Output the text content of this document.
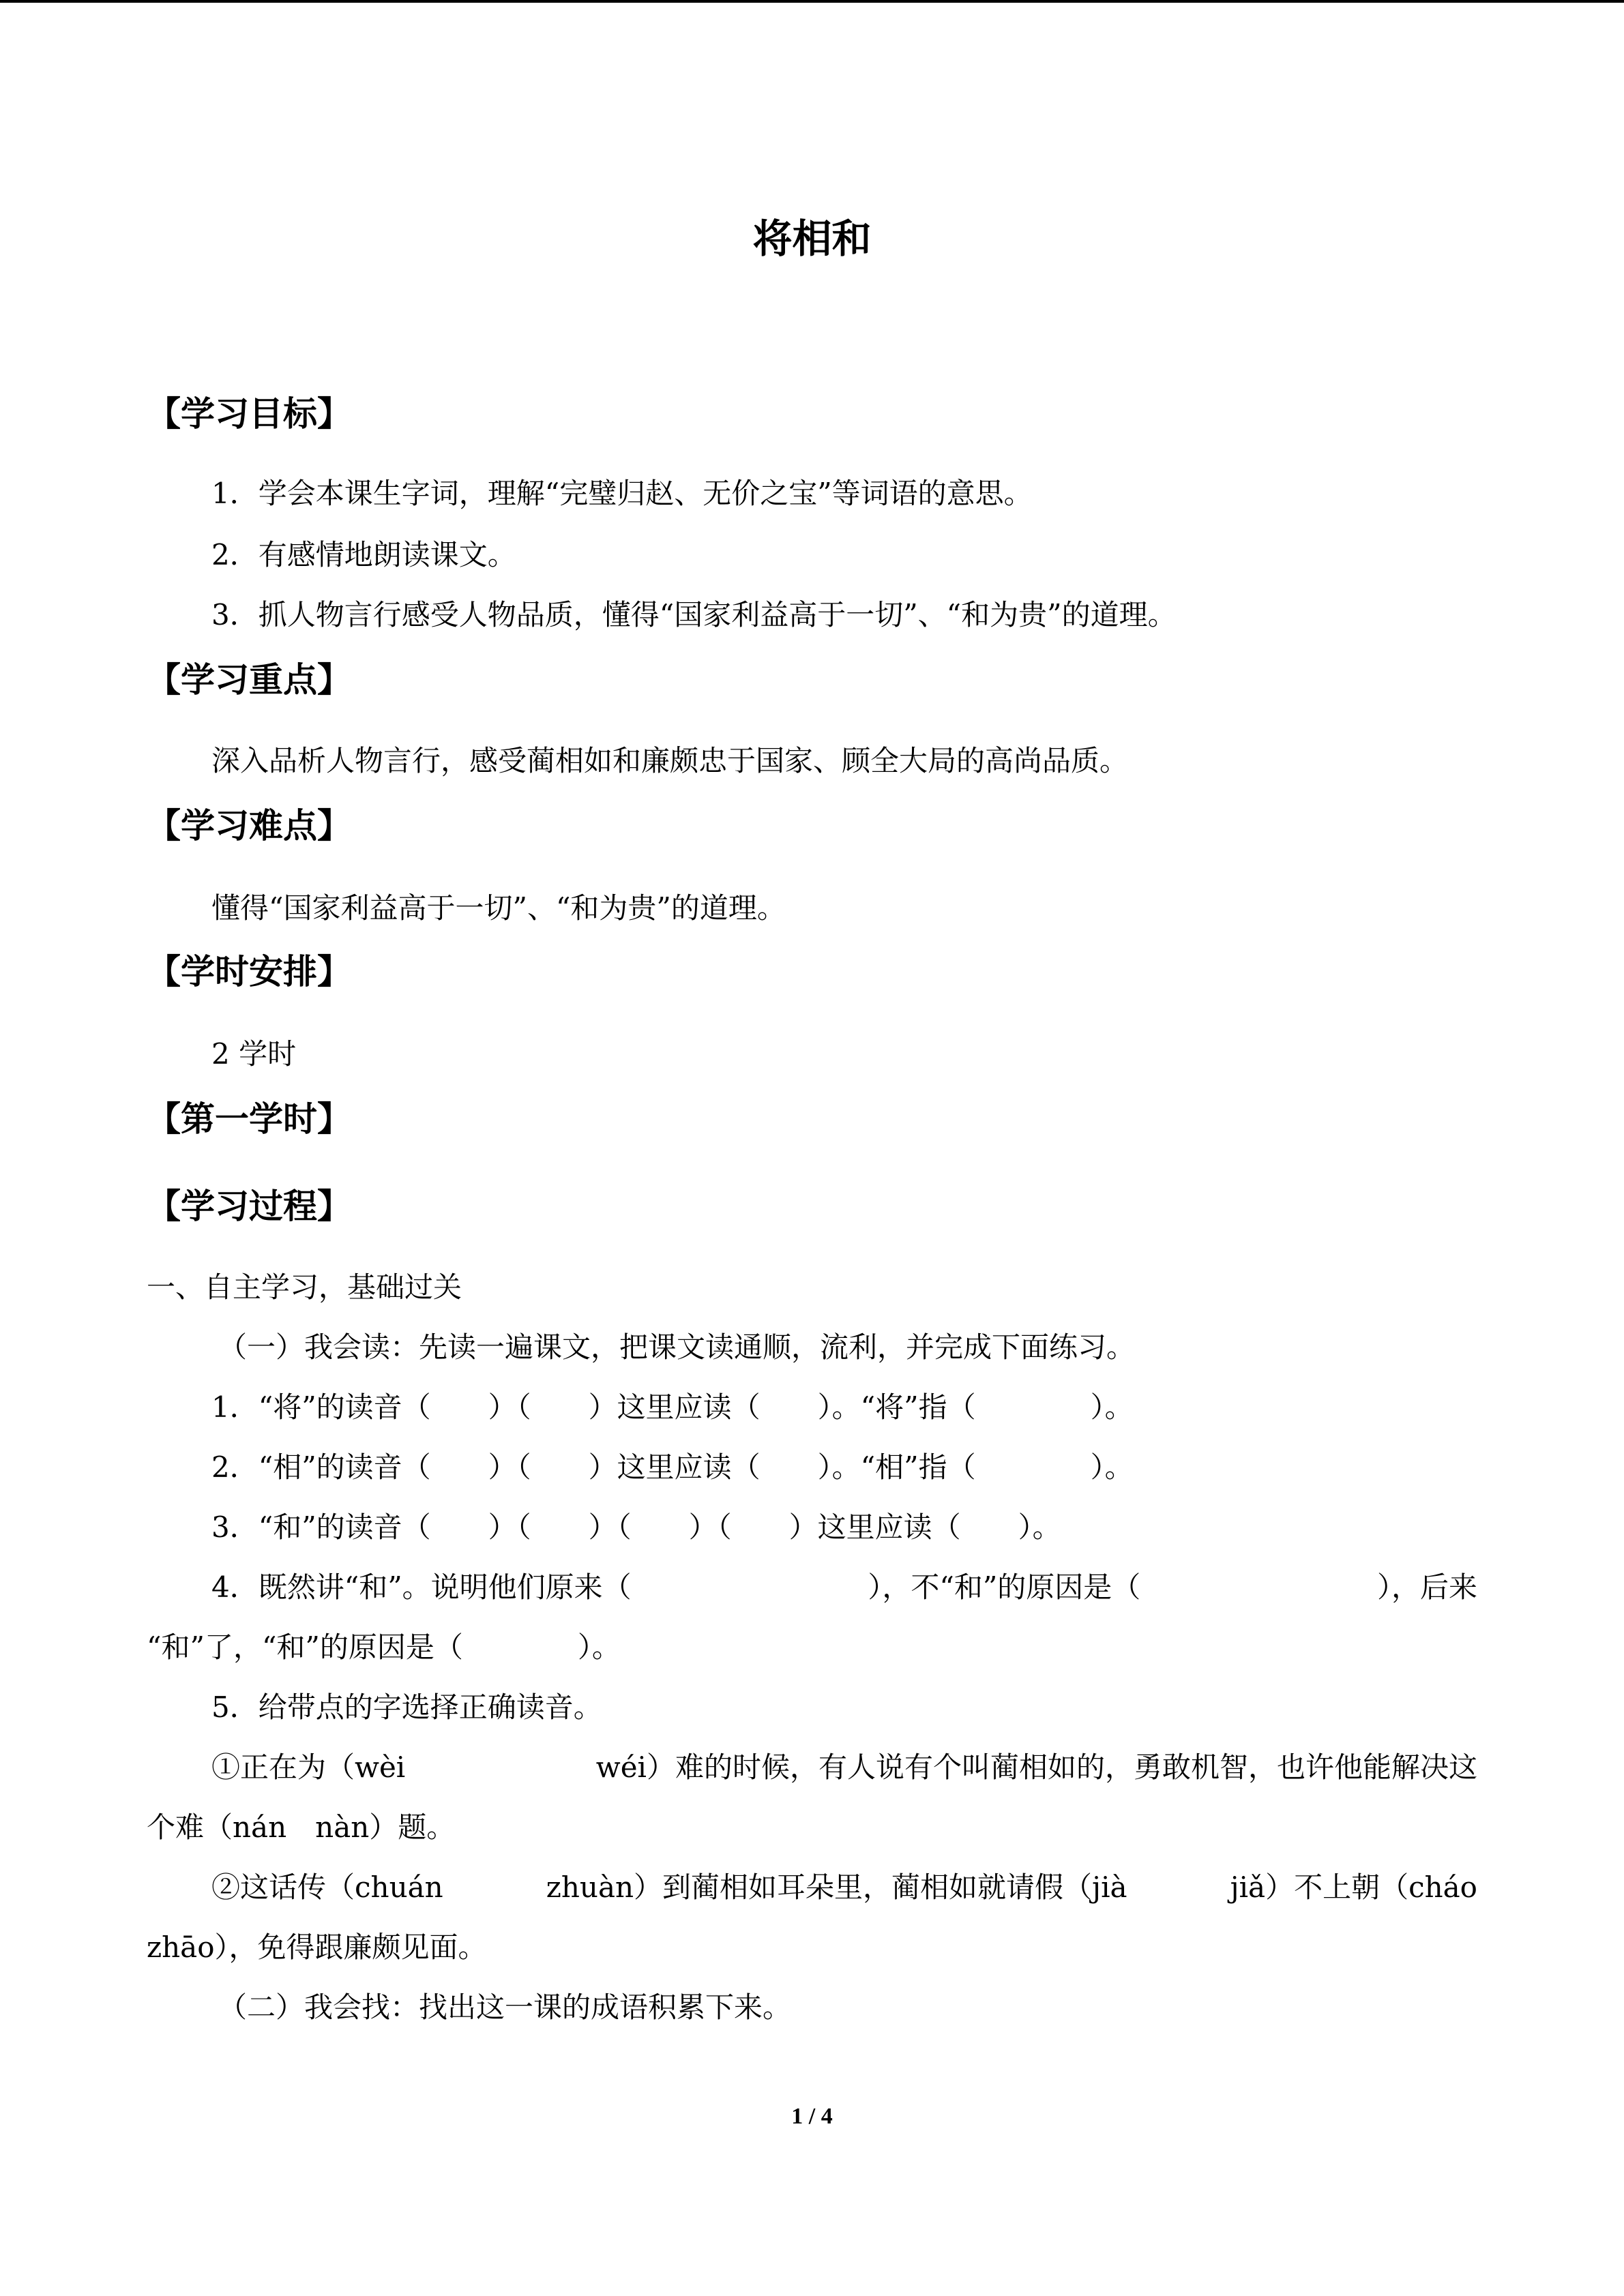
将相和
【学习目标】
1．学会本课生字词，理解“完璧归赵、无价之宝”等词语的意思。
2．有感情地朗读课文。
3．抓人物言行感受人物品质，懂得“国家利益高于一切”、“和为贵”的道理。
【学习重点】
深入品析人物言行，感受蔺相如和廉颇忠于国家、顾全大局的高尚品质。
【学习难点】
懂得“国家利益高于一切”、“和为贵”的道理。
【学时安排】
2 学时
【第一学时】
【学习过程】
一、自主学习，基础过关
（一）我会读：先读一遍课文，把课文读通顺，流利，并完成下面练习。
1．“将”的读音（　　）（　　）这里应读（　　）。“将”指（　　　　）。
2．“相”的读音（　　）（　　）这里应读（　　）。“相”指（　　　　）。
3．“和”的读音（　　）（　　）（　　）（　　）这里应读（　　）。
4．既然讲“和”。说明他们原来（	），不“和”的原因是（	），后来
“和”了，“和”的原因是（　　　　）。
5．给带点的字选择正确读音。
①正在为（wèi	wéi）难的时候，有人说有个叫蔺相如的，勇敢机智，也许他能解决这
个难（nán　nàn）题。
②这话传（chuán	zhuàn）到蔺相如耳朵里，蔺相如就请假（jià	jiǎ）不上朝（cháo
zhāo），免得跟廉颇见面。
（二）我会找：找出这一课的成语积累下来。
1 / 4
